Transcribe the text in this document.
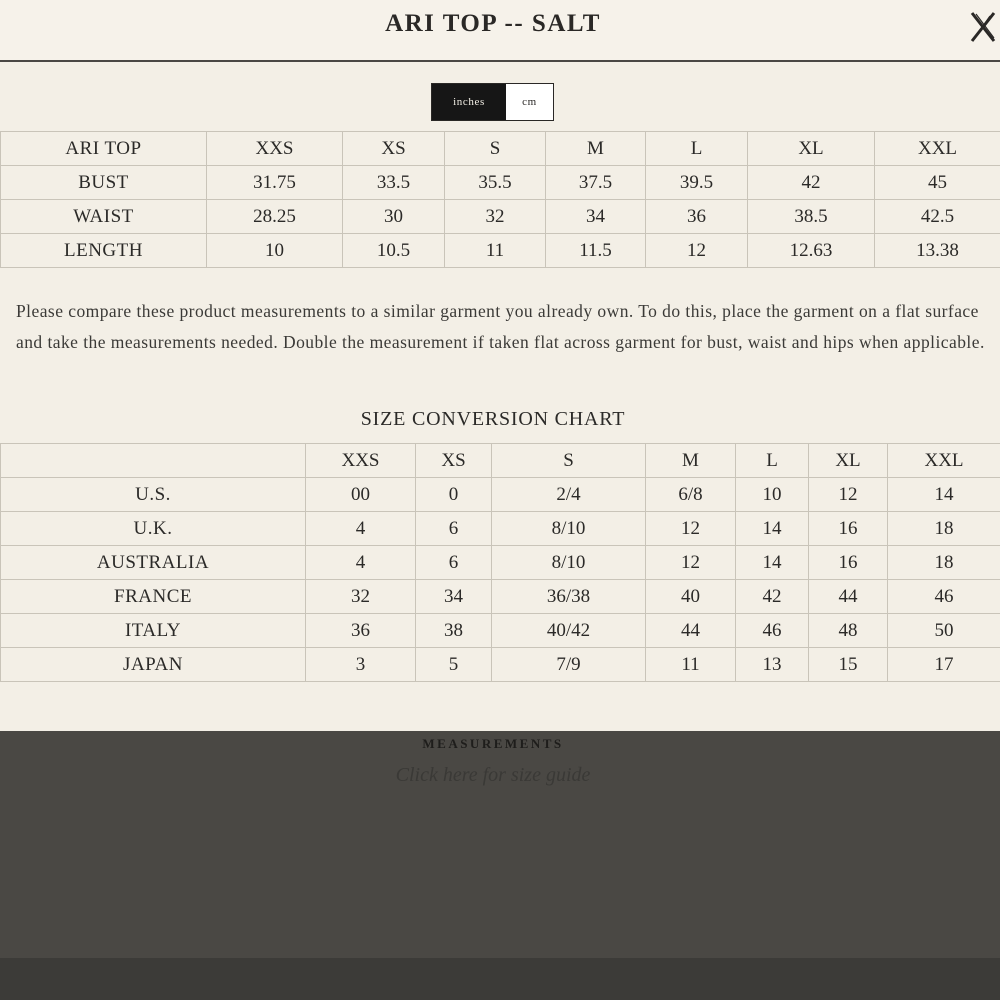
MEASUREMENTS
Click here for size guide
ARI TOP -- SALT
inches	cm
ARI TOP	XXS	XS	S	M	L	XL	XXL
BUST	31.75	33.5	35.5	37.5	39.5	42	45
WAIST	28.25	30	32	34	36	38.5	42.5
LENGTH	10	10.5	11	11.5	12	12.63	13.38
Please compare these product measurements to a similar garment you already own. To do this, place the garment on a flat surface and take the measurements needed. Double the measurement if taken flat across garment for bust, waist and hips when applicable.
SIZE CONVERSION CHART
	XXS	XS	S	M	L	XL	XXL
U.S.	00	0	2/4	6/8	10	12	14
U.K.	4	6	8/10	12	14	16	18
AUSTRALIA	4	6	8/10	12	14	16	18
FRANCE	32	34	36/38	40	42	44	46
ITALY	36	38	40/42	44	46	48	50
JAPAN	3	5	7/9	11	13	15	17
